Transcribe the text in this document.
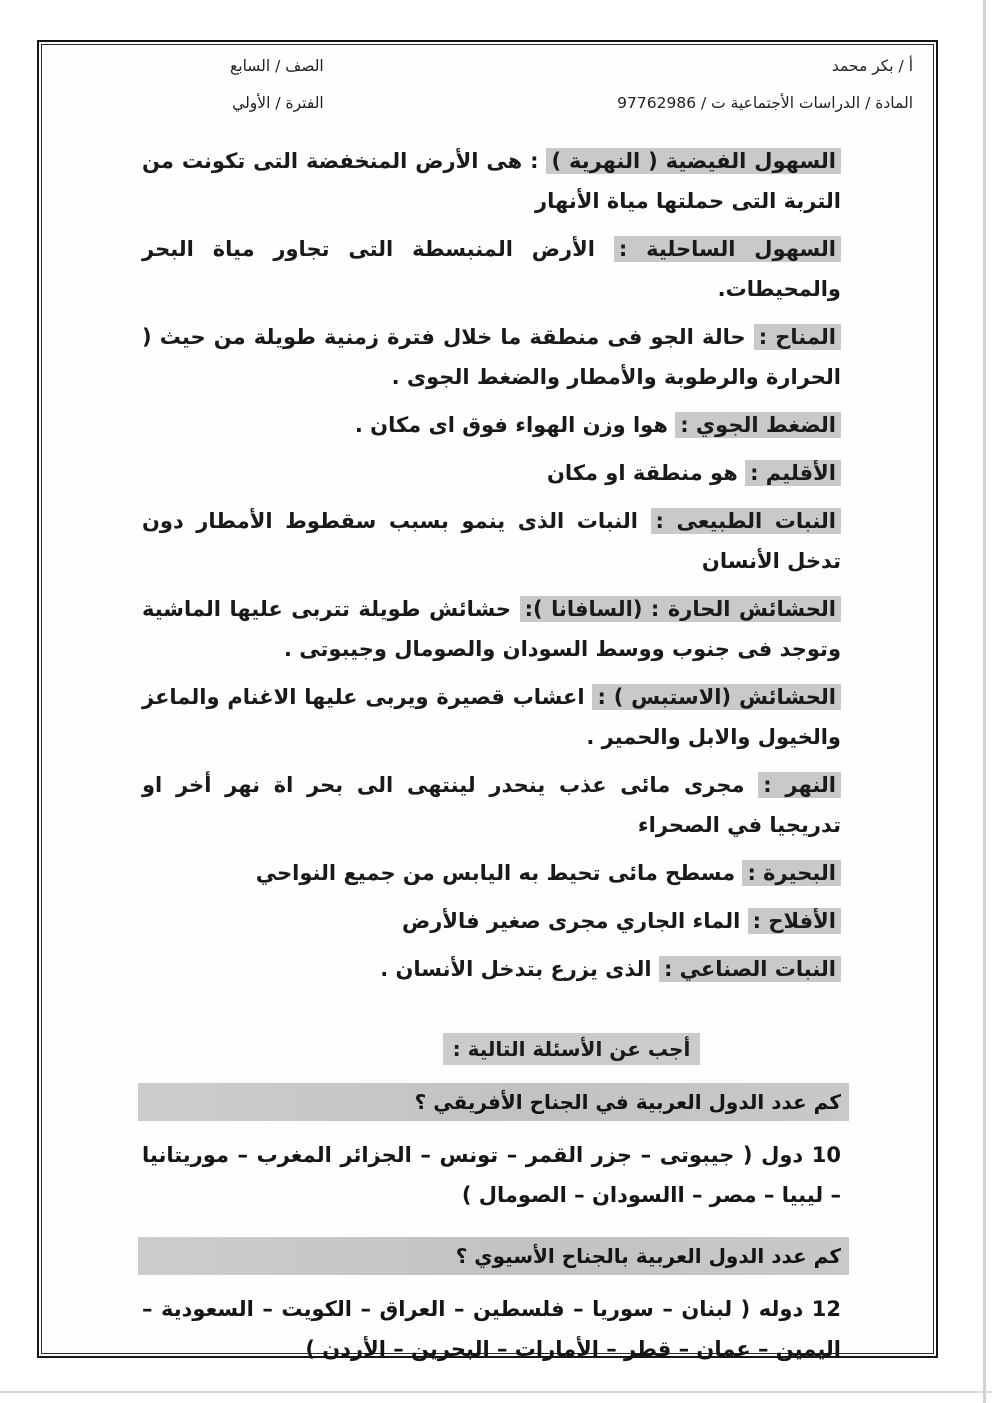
أ / بكر محمد
المادة / الدراسات الأجتماعية ت / 97762986
الصف / السابع
الفترة / الأولي

السهول الفيضية ( النهرية ) : هى الأرض المنخفضة التى تكونت من التربة التى حملتها مياة الأنهار

السهول الساحلية : الأرض المنبسطة التى تجاور مياة البحر والمحيطات.

المناح : حالة الجو فى منطقة ما خلال فترة زمنية طويلة من حيث ( الحرارة والرطوبة والأمطار والضغط الجوى .

الضغط الجوي : هوا وزن الهواء فوق اى مكان .

الأقليم : هو منطقة او مكان

النبات الطبيعى : النبات الذى ينمو بسبب سقطوط الأمطار دون تدخل الأنسان

الحشائش الحارة : (السافانا ): حشائش طويلة تتربى عليها الماشية وتوجد فى جنوب ووسط السودان والصومال وجيبوتى .

الحشائش (الاستبس ) : اعشاب قصيرة ويربى عليها الاغنام والماعز والخيول والابل والحمير .

النهر : مجرى مائى عذب ينحدر لينتهى الى بحر اة نهر أخر او تدريجيا في الصحراء

البحيرة : مسطح مائى تحيط به اليابس من جميع النواحي

الأفلاح : الماء الجاري مجرى صغير فالأرض

النبات الصناعي : الذى يزرع بتدخل الأنسان .

أجب عن الأسئلة التالية :
كم عدد الدول العربية في الجناح الأفريقي ؟

10 دول ( جيبوتى – جزر القمر – تونس – الجزائر المغرب – موريتانيا – ليبيا – مصر – االسودان – الصومال )

كم عدد الدول العربية بالجناح الأسيوي ؟

12 دوله ( لبنان – سوريا – فلسطين – العراق – الكويت – السعودية – اليمين – عمان – قطر – الأمارات – البحرين – الأردن )
